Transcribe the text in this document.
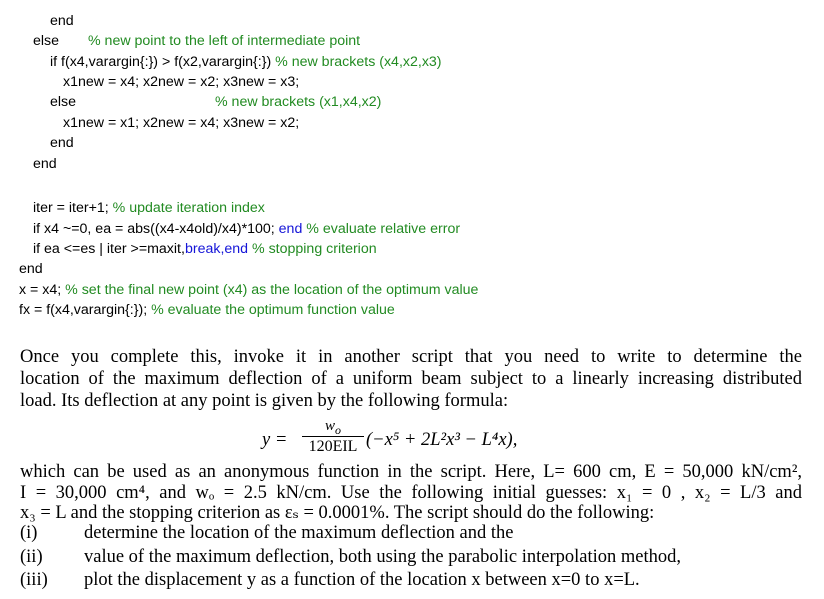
end
else % new point to the left of intermediate point
if f(x4,varargin{:}) > f(x2,varargin{:}) % new brackets (x4,x2,x3)
x1new = x4; x2new = x2; x3new = x3;
else	% new brackets (x1,x4,x2)
x1new = x1; x2new = x4; x3new = x2;
end
end
iter = iter+1; % update iteration index
if x4 ~=0, ea = abs((x4-x4old)/x4)*100; end % evaluate relative error
if ea <=es | iter >=maxit,break,end % stopping criterion
end
x = x4; % set the final new point (x4) as the location of the optimum value
fx = f(x4,varargin{:}); % evaluate the optimum function value
Once you complete this, invoke it in another script that you need to write to determine the
location of the maximum deflection of a uniform beam subject to a linearly increasing distributed
load. Its deflection at any point is given by the following formula:
y =
$w_o$
120EIL (−x⁵ + 2L²x³ − L⁴x),
which can be used as an anonymous function in the script. Here, L= 600 cm, E = 50,000 kN/cm²,
I = 30,000 cm⁴, and wₒ = 2.5 kN/cm. Use the following initial guesses: x₁ = 0 , x₂ = L/3 and
x₃ = L and the stopping criterion as εₛ = 0.0001%. The script should do the following:
(i)	determine the location of the maximum deflection and the
(ii) value of the maximum deflection, both using the parabolic interpolation method,
(iii) plot the displacement y as a function of the location x between x=0 to x=L.
